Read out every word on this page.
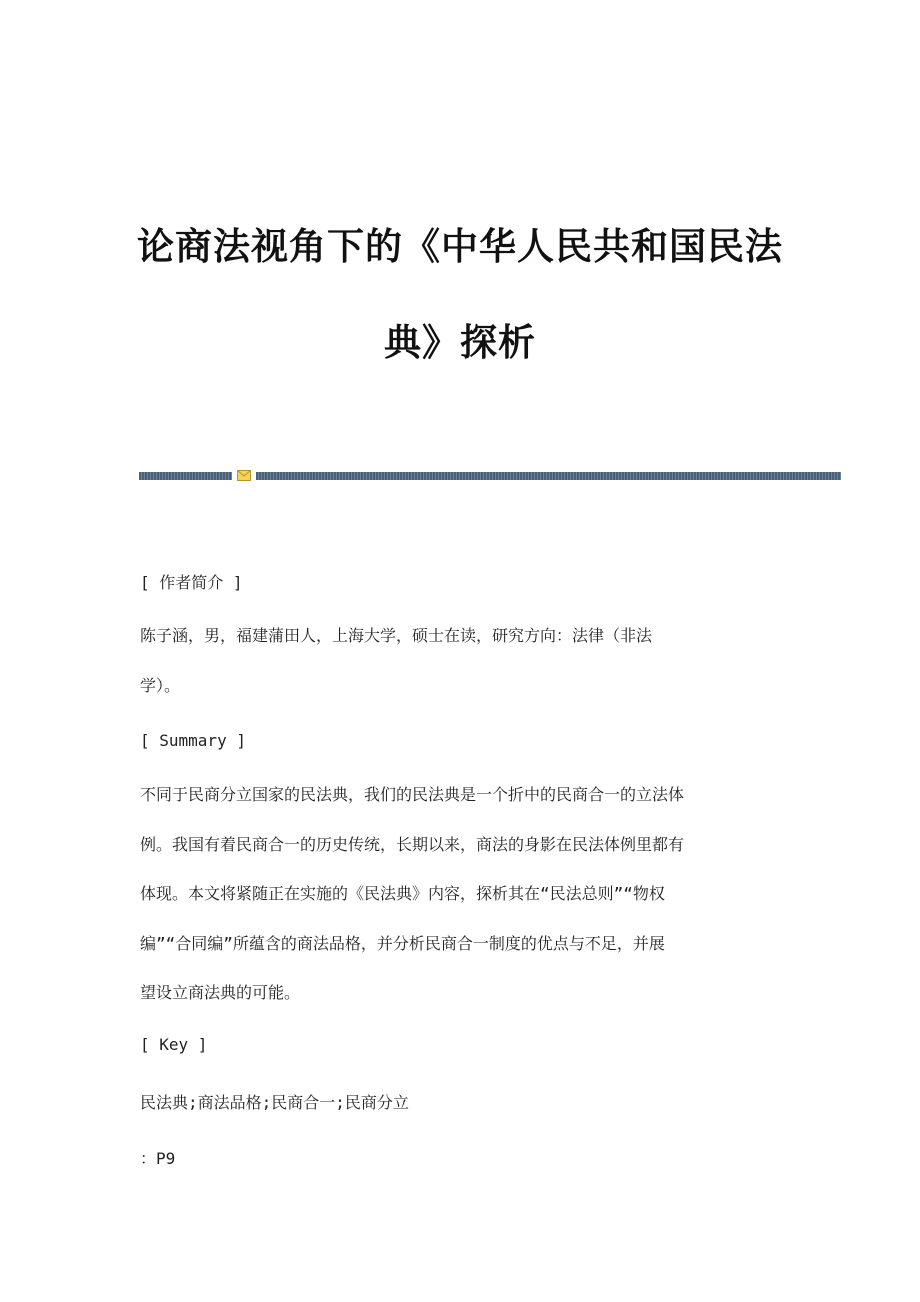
论商法视角下的《中华人民共和国民法
典》探析

[ 作者简介 ]

陈子涵，男，福建蒲田人，上海大学，硕士在读，研究方向：法律（非法
学）。

[ Summary ]

不同于民商分立国家的民法典，我们的民法典是一个折中的民商合一的立法体
例。我国有着民商合一的历史传统，长期以来，商法的身影在民法体例里都有
体现。本文将紧随正在实施的《民法典》内容，探析其在“民法总则”“物权
编”“合同编”所蕴含的商法品格，并分析民商合一制度的优点与不足，并展
望设立商法典的可能。

[ Key ]

民法典;商法品格;民商合一;民商分立

：P9
